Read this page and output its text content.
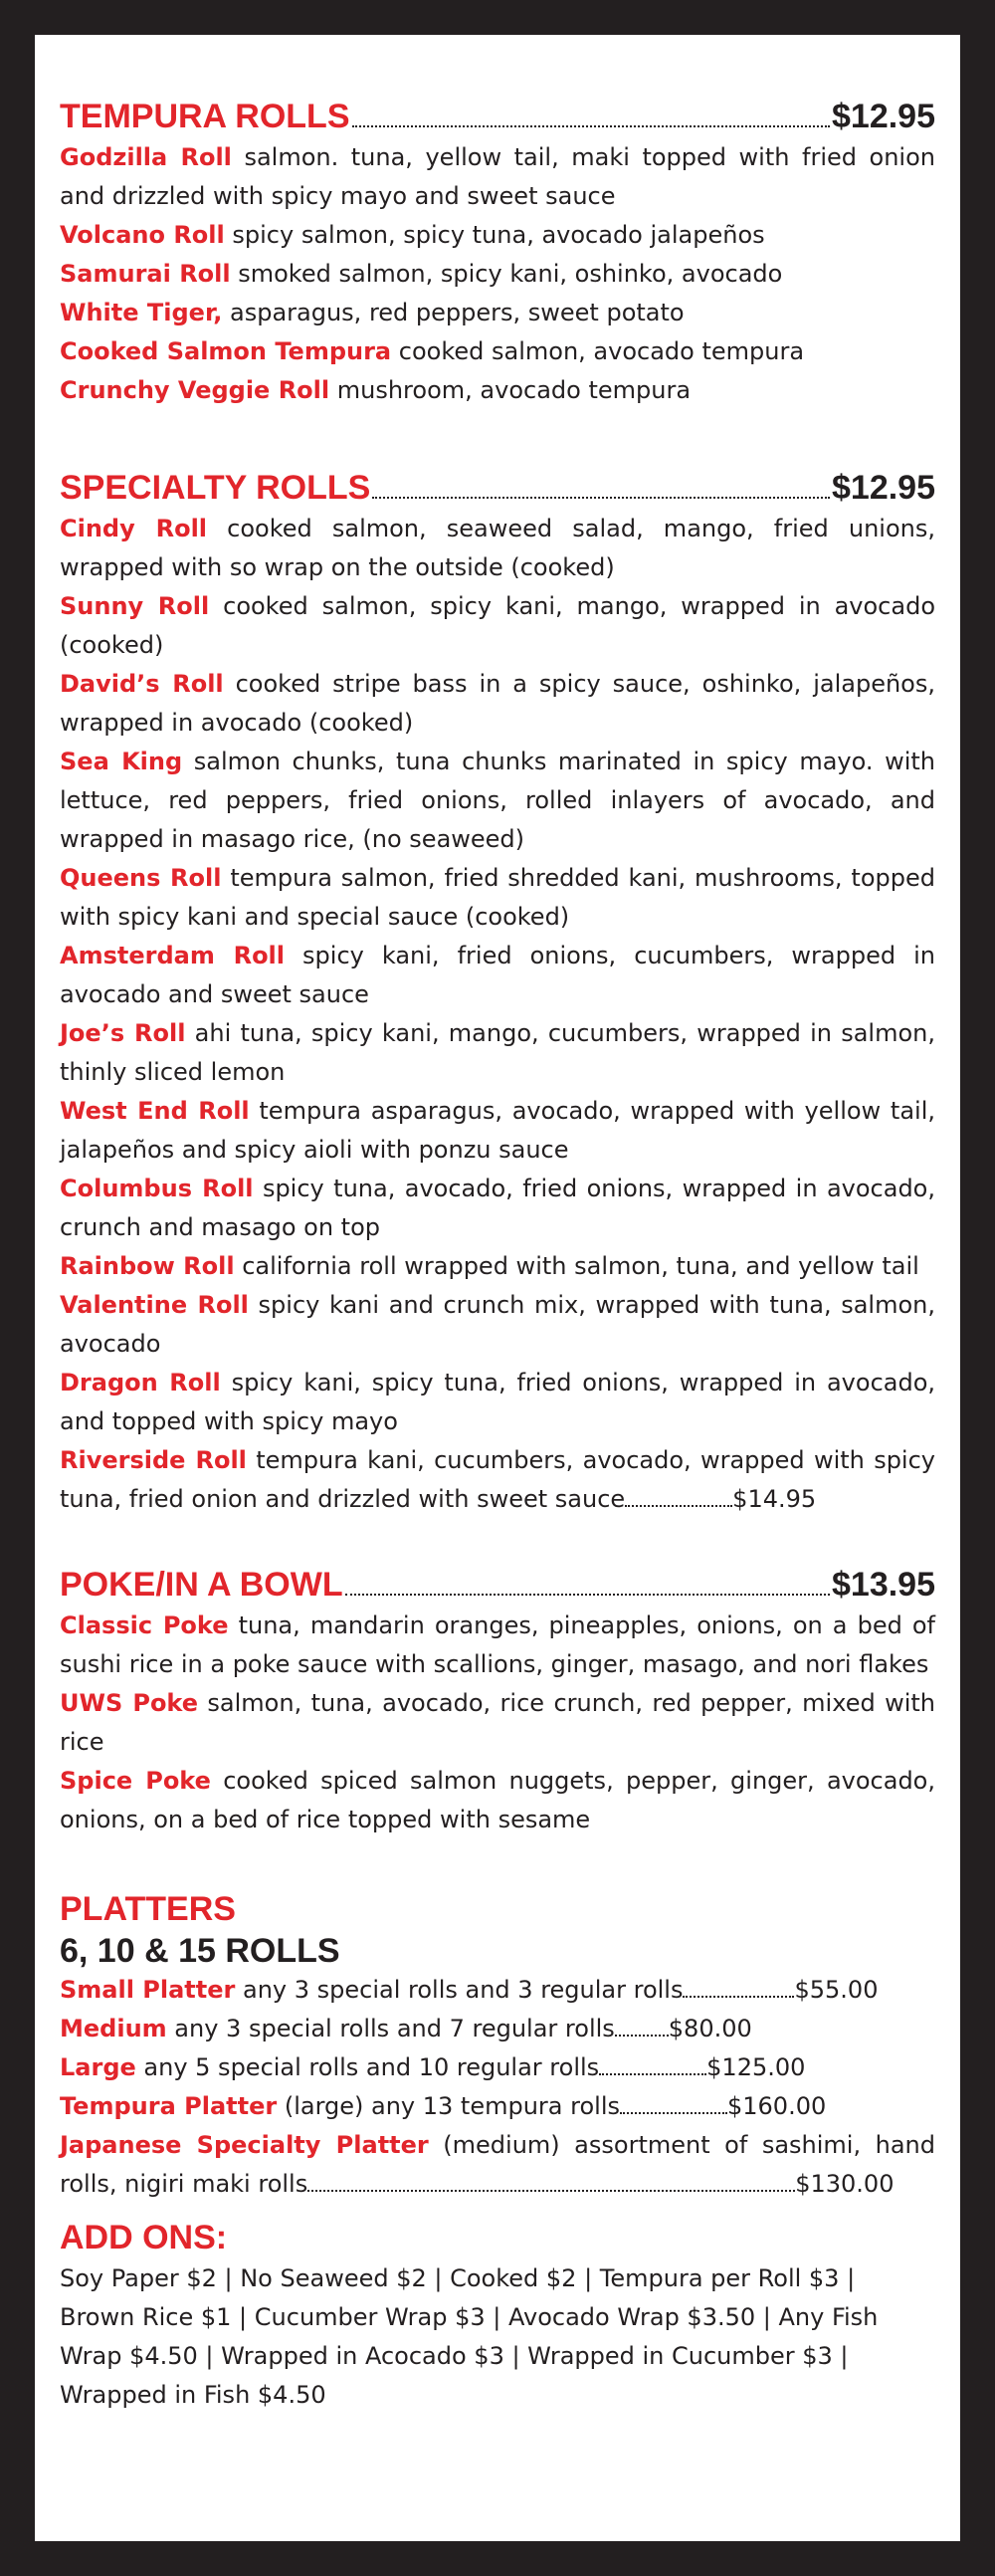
TEMPURA ROLLS	$12.95
Godzilla Roll salmon. tuna, yellow tail, maki topped with fried onion and drizzled with spicy mayo and sweet sauce
Volcano Roll spicy salmon, spicy tuna, avocado jalapeños
Samurai Roll smoked salmon, spicy kani, oshinko, avocado
White Tiger, asparagus, red peppers, sweet potato
Cooked Salmon Tempura cooked salmon, avocado tempura
Crunchy Veggie Roll mushroom, avocado tempura
SPECIALTY ROLLS	$12.95
Cindy Roll cooked salmon, seaweed salad, mango, fried unions, wrapped with so wrap on the outside (cooked)
Sunny Roll cooked salmon, spicy kani, mango, wrapped in avocado (cooked)
David’s Roll cooked stripe bass in a spicy sauce, oshinko, jalapeños, wrapped in avocado (cooked)
Sea King salmon chunks, tuna chunks marinated in spicy mayo. with lettuce, red peppers, fried onions, rolled inlayers of avocado, and wrapped in masago rice, (no seaweed)
Queens Roll tempura salmon, fried shredded kani, mushrooms, topped with spicy kani and special sauce (cooked)
Amsterdam Roll spicy kani, fried onions, cucumbers, wrapped in avocado and sweet sauce
Joe’s Roll ahi tuna, spicy kani, mango, cucumbers, wrapped in salmon, thinly sliced lemon
West End Roll tempura asparagus, avocado, wrapped with yellow tail, jalapeños and spicy aioli with ponzu sauce
Columbus Roll spicy tuna, avocado, fried onions, wrapped in avocado, crunch and masago on top
Rainbow Roll california roll wrapped with salmon, tuna, and yellow tail
Valentine Roll spicy kani and crunch mix, wrapped with tuna, salmon, avocado
Dragon Roll spicy kani, spicy tuna, fried onions, wrapped in avocado, and topped with spicy mayo
Riverside Roll tempura kani, cucumbers, avocado, wrapped with spicy tuna, fried onion and drizzled with sweet sauce	$14.95
POKE/IN A BOWL	$13.95
Classic Poke tuna, mandarin oranges, pineapples, onions, on a bed of sushi rice in a poke sauce with scallions, ginger, masago, and nori flakes
UWS Poke salmon, tuna, avocado, rice crunch, red pepper, mixed with rice
Spice Poke cooked spiced salmon nuggets, pepper, ginger, avocado, onions, on a bed of rice topped with sesame
PLATTERS
6, 10 & 15 ROLLS
Small Platter any 3 special rolls and 3 regular rolls	$55.00
Medium any 3 special rolls and 7 regular rolls $80.00
Large any 5 special rolls and 10 regular rolls	$125.00
Tempura Platter (large) any 13 tempura rolls	$160.00
Japanese Specialty Platter (medium) assortment of sashimi, hand rolls, nigiri maki rolls	$130.00
ADD ONS:
Soy Paper $2 | No Seaweed $2 | Cooked $2 | Tempura per Roll $3 | Brown Rice $1 | Cucumber Wrap $3 | Avocado Wrap $3.50 | Any Fish Wrap $4.50 | Wrapped in Acocado $3 | Wrapped in Cucumber $3 | Wrapped in Fish $4.50
